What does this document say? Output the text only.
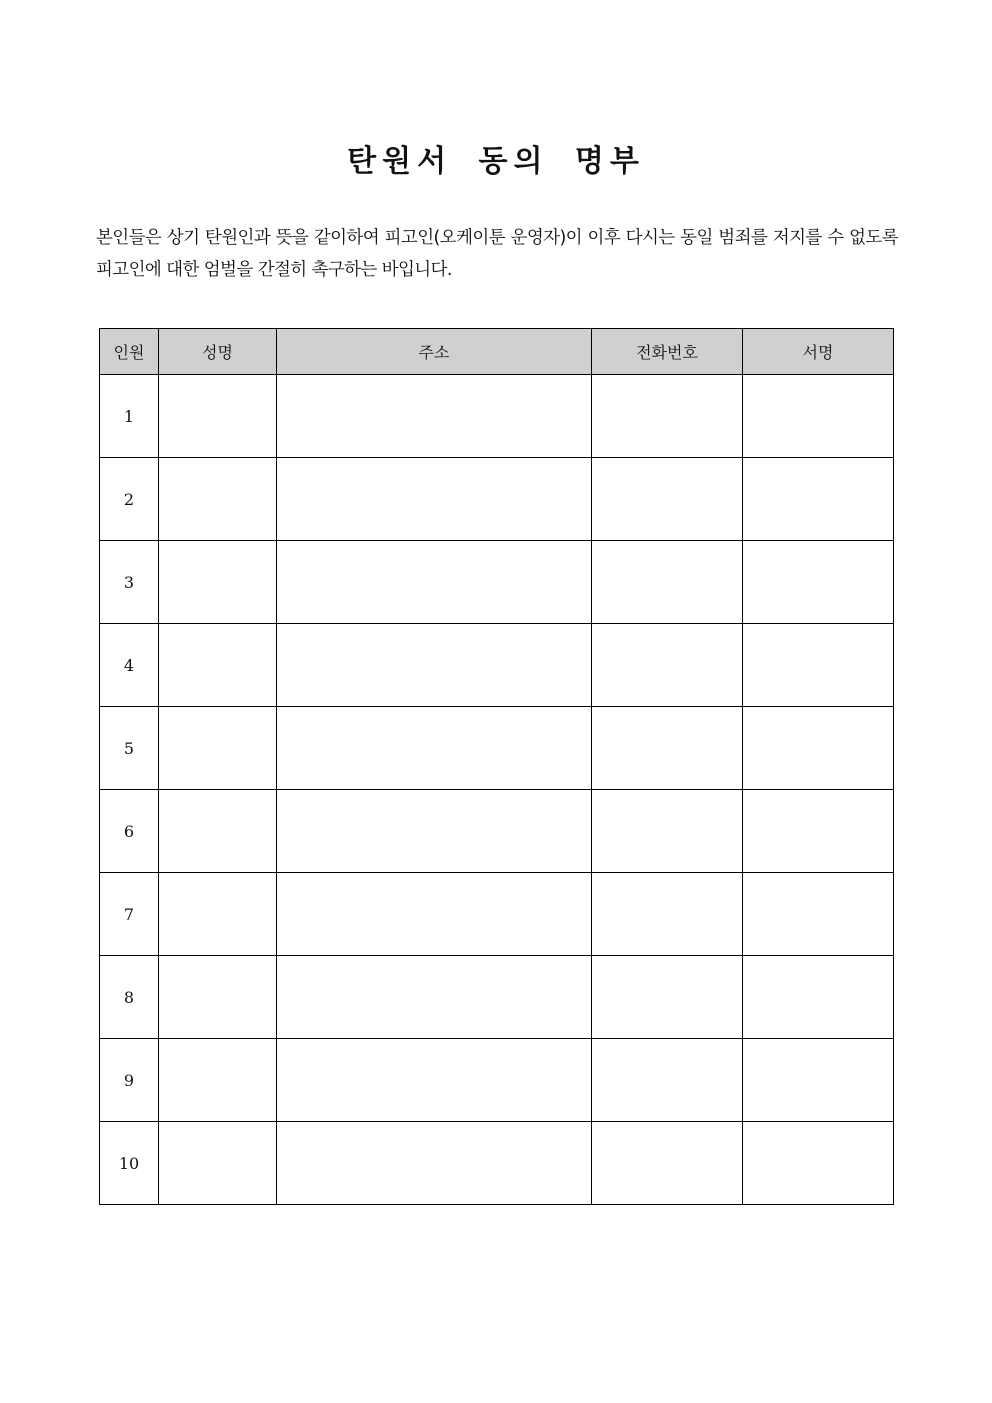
탄원서 동의 명부

본인들은 상기 탄원인과 뜻을 같이하여 피고인(오케이툰 운영자)이 이후 다시는 동일 범죄를 저지를 수 없도록 피고인에 대한 엄벌을 간절히 촉구하는 바입니다.

인원	성명	주소	전화번호	서명
1				
2				
3				
4				
5				
6				
7				
8				
9				
10				
